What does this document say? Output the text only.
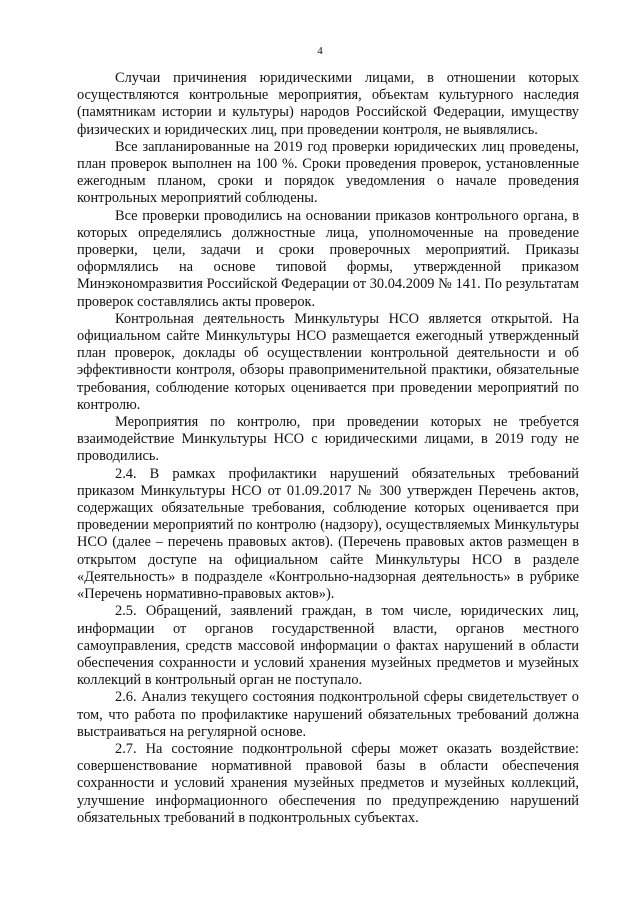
4

Случаи причинения юридическими лицами, в отношении которых осуществляются контрольные мероприятия, объектам культурного наследия (памятникам истории и культуры) народов Российской Федерации, имуществу физических и юридических лиц, при проведении контроля, не выявлялись.

Все запланированные на 2019 год проверки юридических лиц проведены, план проверок выполнен на 100 %. Сроки проведения проверок, установленные ежегодным планом, сроки и порядок уведомления о начале проведения контрольных мероприятий соблюдены.

Все проверки проводились на основании приказов контрольного органа, в которых определялись должностные лица, уполномоченные на проведение проверки, цели, задачи и сроки проверочных мероприятий. Приказы оформлялись на основе типовой формы, утвержденной приказом Минэкономразвития Российской Федерации от 30.04.2009 № 141. По результатам проверок составлялись акты проверок.

Контрольная деятельность Минкультуры НСО является открытой. На официальном сайте Минкультуры НСО размещается ежегодный утвержденный план проверок, доклады об осуществлении контрольной деятельности и об эффективности контроля, обзоры правоприменительной практики, обязательные требования, соблюдение которых оценивается при проведении мероприятий по контролю.

Мероприятия по контролю, при проведении которых не требуется взаимодействие Минкультуры НСО с юридическими лицами, в 2019 году не проводились.

2.4. В рамках профилактики нарушений обязательных требований приказом Минкультуры НСО от 01.09.2017 № 300 утвержден Перечень актов, содержащих обязательные требования, соблюдение которых оценивается при проведении мероприятий по контролю (надзору), осуществляемых Минкультуры НСО (далее – перечень правовых актов). (Перечень правовых актов размещен в открытом доступе на официальном сайте Минкультуры НСО в разделе «Деятельность» в подразделе «Контрольно-надзорная деятельность» в рубрике «Перечень нормативно-правовых актов»).

2.5. Обращений, заявлений граждан, в том числе, юридических лиц, информации от органов государственной власти, органов местного самоуправления, средств массовой информации о фактах нарушений в области обеспечения сохранности и условий хранения музейных предметов и музейных коллекций в контрольный орган не поступало.

2.6. Анализ текущего состояния подконтрольной сферы свидетельствует о том, что работа по профилактике нарушений обязательных требований должна выстраиваться на регулярной основе.

2.7. На состояние подконтрольной сферы может оказать воздействие: совершенствование нормативной правовой базы в области обеспечения сохранности и условий хранения музейных предметов и музейных коллекций, улучшение информационного обеспечения по предупреждению нарушений обязательных требований в подконтрольных субъектах.
